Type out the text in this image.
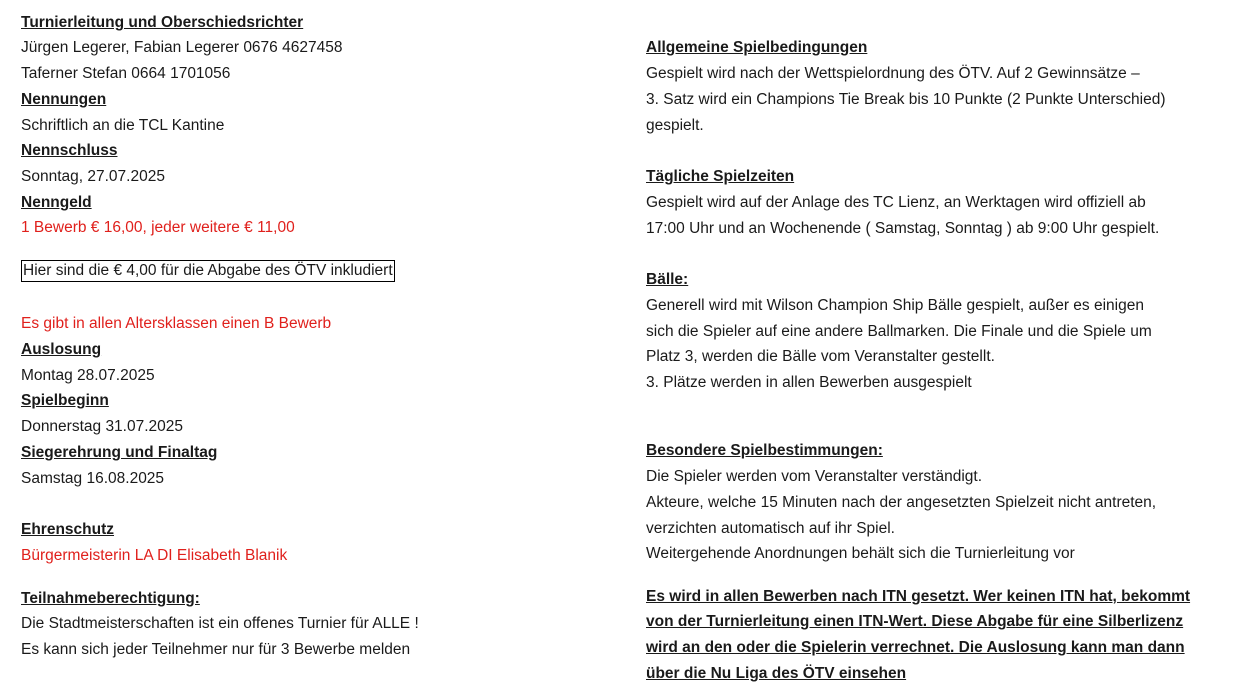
Turnierleitung und Oberschiedsrichter
Jürgen Legerer, Fabian Legerer 0676 4627458
Taferner Stefan 0664 1701056
Nennungen
Schriftlich an die TCL Kantine
Nennschluss
Sonntag, 27.07.2025
Nenngeld
1 Bewerb € 16,00, jeder weitere € 11,00
Hier sind die € 4,00 für die Abgabe des ÖTV inkludiert
Es gibt in allen Altersklassen einen B Bewerb
Auslosung
Montag 28.07.2025
Spielbeginn
Donnerstag 31.07.2025
Siegerehrung und Finaltag
Samstag 16.08.2025
Ehrenschutz
Bürgermeisterin LA DI Elisabeth Blanik
Teilnahmeberechtigung:
Die Stadtmeisterschaften ist ein offenes Turnier für ALLE !
Es kann sich jeder Teilnehmer nur für 3 Bewerbe melden
Allgemeine Spielbedingungen
Gespielt wird nach der Wettspielordnung des ÖTV. Auf 2 Gewinnsätze –
3. Satz wird ein Champions Tie Break bis 10 Punkte (2 Punkte Unterschied)
gespielt.
Tägliche Spielzeiten
Gespielt wird auf der Anlage des TC Lienz, an Werktagen wird offiziell ab
17:00 Uhr und an Wochenende ( Samstag, Sonntag ) ab 9:00 Uhr gespielt.
Bälle:
Generell wird mit Wilson Champion Ship Bälle gespielt, außer es einigen
sich die Spieler auf eine andere Ballmarken. Die Finale und die Spiele um
Platz 3, werden die Bälle vom Veranstalter gestellt.
3. Plätze werden in allen Bewerben ausgespielt
Besondere Spielbestimmungen:
Die Spieler werden vom Veranstalter verständigt.
Akteure, welche 15 Minuten nach der angesetzten Spielzeit nicht antreten,
verzichten automatisch auf ihr Spiel.
Weitergehende Anordnungen behält sich die Turnierleitung vor
Es wird in allen Bewerben nach ITN gesetzt. Wer keinen ITN hat, bekommt
von der Turnierleitung einen ITN-Wert. Diese Abgabe für eine Silberlizenz
wird an den oder die Spielerin verrechnet. Die Auslosung kann man dann
über die Nu Liga des ÖTV einsehen
